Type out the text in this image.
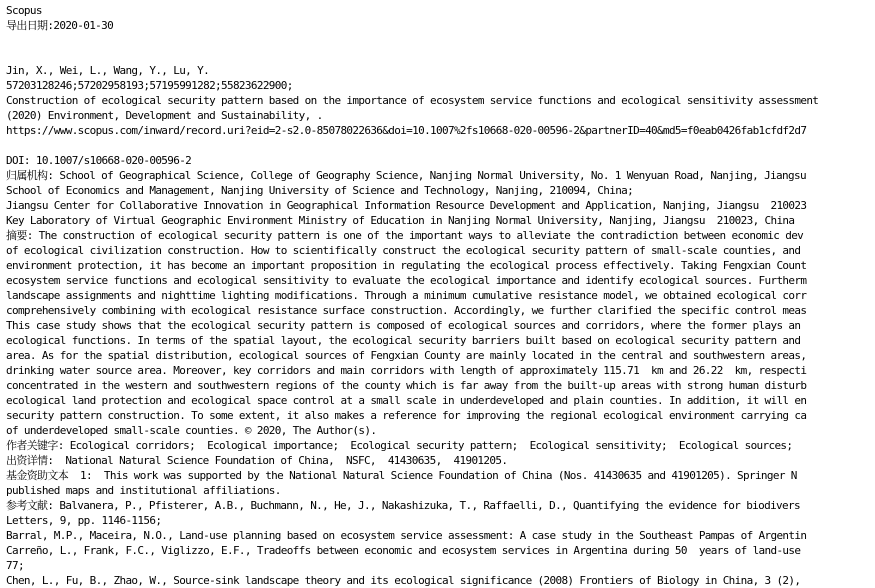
Scopus
导出日期:2020-01-30
Jin, X., Wei, L., Wang, Y., Lu, Y.
57203128246;57202958193;57195991282;55823622900;
Construction of ecological security pattern based on the importance of ecosystem service functions and ecological sensitivity assessment
(2020) Environment, Development and Sustainability, .
https://www.scopus.com/inward/record.uri?eid=2-s2.0-85078022636&doi=10.1007%2fs10668-020-00596-2&partnerID=40&md5=f0eab0426fab1cfdf2d7
DOI: 10.1007/s10668-020-00596-2
归属机构: School of Geographical Science, College of Geography Science, Nanjing Normal University, No. 1 Wenyuan Road, Nanjing, Jiangsu
School of Economics and Management, Nanjing University of Science and Technology, Nanjing, 210094, China;
Jiangsu Center for Collaborative Innovation in Geographical Information Resource Development and Application, Nanjing, Jiangsu  210023
Key Laboratory of Virtual Geographic Environment Ministry of Education in Nanjing Normal University, Nanjing, Jiangsu  210023, China
摘要: The construction of ecological security pattern is one of the important ways to alleviate the contradiction between economic dev
of ecological civilization construction. How to scientifically construct the ecological security pattern of small-scale counties, and
environment protection, it has become an important proposition in regulating the ecological process effectively. Taking Fengxian Count
ecosystem service functions and ecological sensitivity to evaluate the ecological importance and identify ecological sources. Furtherm
landscape assignments and nighttime lighting modifications. Through a minimum cumulative resistance model, we obtained ecological corr
comprehensively combining with ecological resistance surface construction. Accordingly, we further clarified the specific control meas
This case study shows that the ecological security pattern is composed of ecological sources and corridors, where the former plays an
ecological functions. In terms of the spatial layout, the ecological security barriers built based on ecological security pattern and
area. As for the spatial distribution, ecological sources of Fengxian County are mainly located in the central and southwestern areas,
drinking water source area. Moreover, key corridors and main corridors with length of approximately 115.71  km and 26.22  km, respecti
concentrated in the western and southwestern regions of the county which is far away from the built-up areas with strong human disturb
ecological land protection and ecological space control at a small scale in underdeveloped and plain counties. In addition, it will en
security pattern construction. To some extent, it also makes a reference for improving the regional ecological environment carrying ca
of underdeveloped small-scale counties. © 2020, The Author(s).
作者关键字: Ecological corridors;  Ecological importance;  Ecological security pattern;  Ecological sensitivity;  Ecological sources;
出资详情:  National Natural Science Foundation of China,  NSFC,  41430635,  41901205.
基金资助文本  1:  This work was supported by the National Natural Science Foundation of China (Nos. 41430635 and 41901205). Springer N
published maps and institutional affiliations.
参考文献: Balvanera, P., Pfisterer, A.B., Buchmann, N., He, J., Nakashizuka, T., Raffaelli, D., Quantifying the evidence for biodivers
Letters, 9, pp. 1146-1156;
Barral, M.P., Maceira, N.O., Land-use planning based on ecosystem service assessment: A case study in the Southeast Pampas of Argentin
Carreño, L., Frank, F.C., Viglizzo, E.F., Tradeoffs between economic and ecosystem services in Argentina during 50  years of land-use
77;
Chen, L., Fu, B., Zhao, W., Source-sink landscape theory and its ecological significance (2008) Frontiers of Biology in China, 3 (2),
